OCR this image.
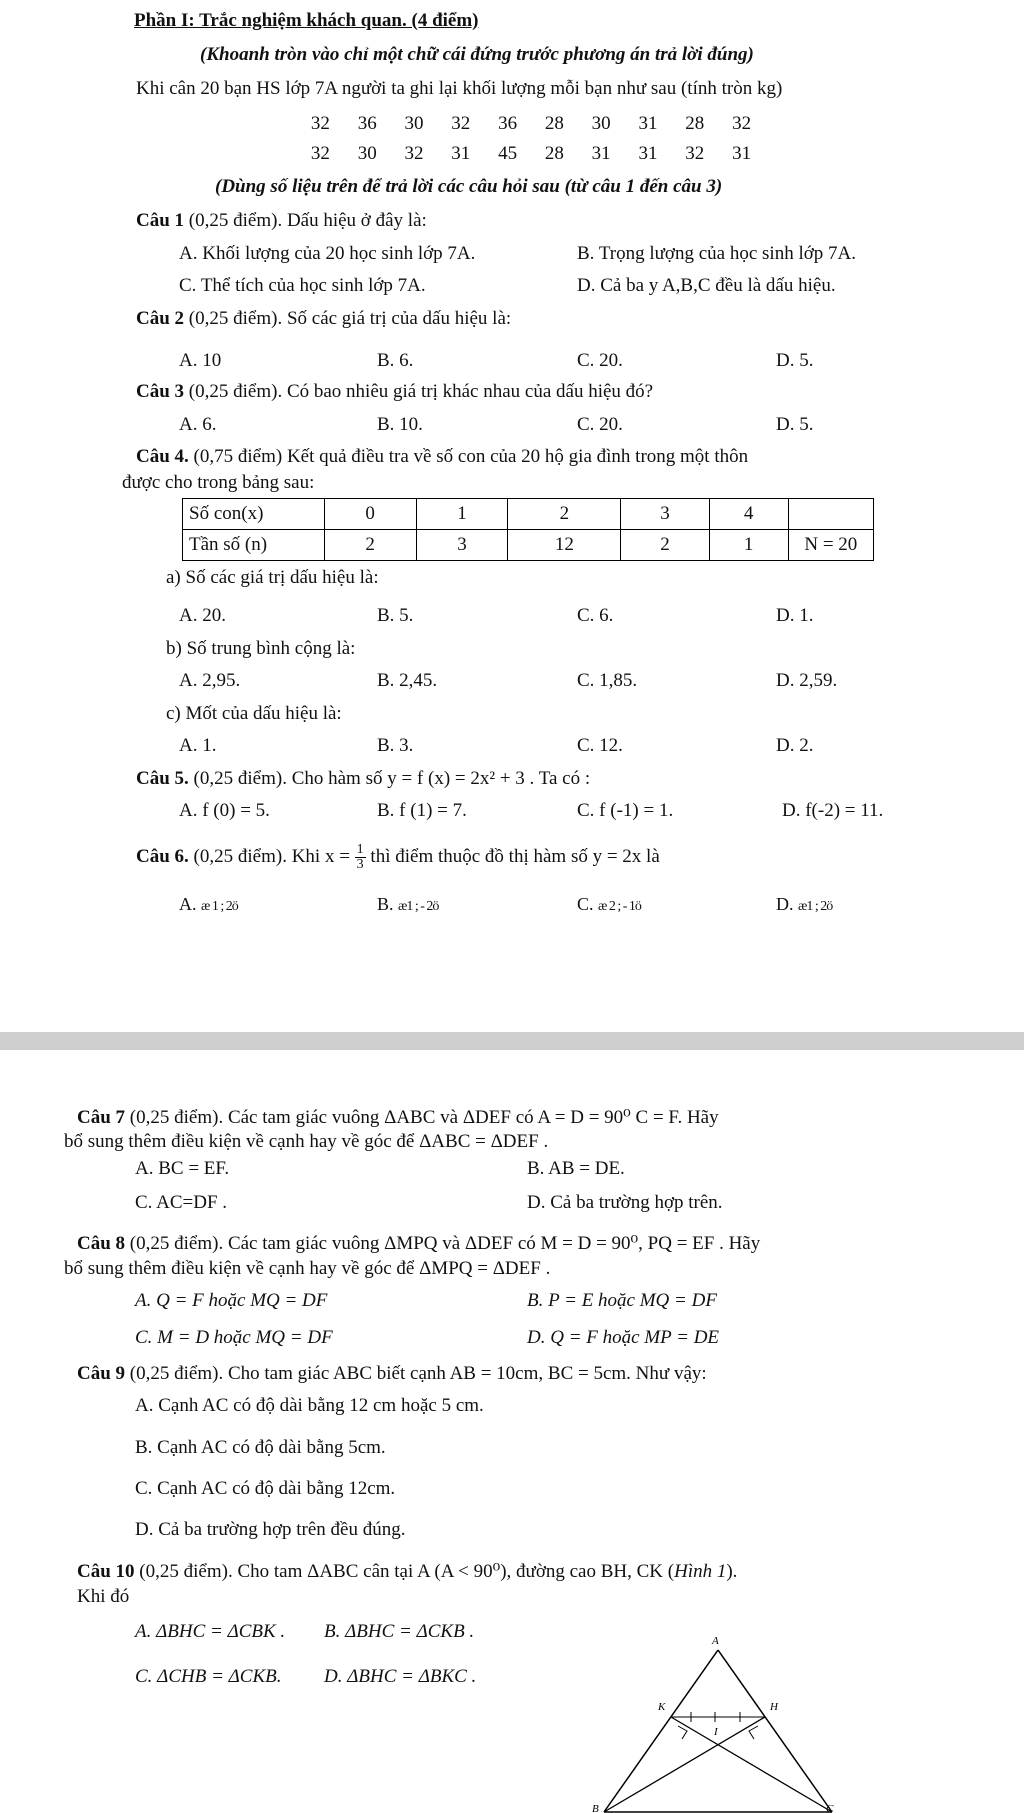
Phần I: Trắc nghiệm khách quan. (4 điểm)
(Khoanh tròn vào chỉ một chữ cái đứng trước phương án trả lời đúng)
Khi cân 20 bạn HS lớp 7A người ta ghi lại khối lượng mỗi bạn như sau (tính tròn kg)
32 36 30 32 36 28 30 31 28 32
32 30 32 31 45 28 31 31 32 31
(Dùng số liệu trên để trả lời các câu hỏi sau (từ câu 1 đến câu 3)
Câu 1 (0,25 điểm). Dấu hiệu ở đây là:
A. Khối lượng của 20 học sinh lớp 7A.	B. Trọng lượng của học sinh lớp 7A.
C. Thể tích của học sinh lớp 7A.	D. Cả ba y A,B,C đều là dấu hiệu.
Câu 2 (0,25 điểm). Số các giá trị của dấu hiệu là:
A. 10	B. 6.	C. 20.	D. 5.
Câu 3 (0,25 điểm). Có bao nhiêu giá trị khác nhau của dấu hiệu đó?
A. 6.	B. 10.	C. 20.	D. 5.
Câu 4. (0,75 điểm) Kết quả điều tra về số con của 20 hộ gia đình trong một thôn
được cho trong bảng sau:
Số con(x)	0	1	2	3	4	
Tần số (n)	2	3	12	2	1	N = 20
a) Số các giá trị dấu hiệu là:
A. 20.	B. 5.	C. 6.	D. 1.
b) Số trung bình cộng là:
A. 2,95.	B. 2,45.	C. 1,85.	D. 2,59.
c) Mốt của dấu hiệu là:
A. 1.	B. 3.	C. 12.	D. 2.
Câu 5. (0,25 điểm). Cho hàm số y = f (x) = 2x² + 3 . Ta có :
A. f (0) = 5.	B. f (1) = 7.	C. f (-1) = 1.	D. f(-2) = 11.
Câu 6. (0,25 điểm). Khi $x = \frac{1}{3}$ thì điểm thuộc đồ thị hàm số y = 2x là
A. æ 1 ; 2ö	B. æ1 ; - 2ö	C. æ 2 ; - 1ö	D. æ1 ; 2ö
Câu 7 (0,25 điểm). Các tam giác vuông ΔABC và ΔDEF có A = D = 90⁰ C = F. Hãy
bổ sung thêm điều kiện về cạnh hay về góc để ΔABC = ΔDEF .
A. BC = EF.	B. AB = DE.
C. AC=DF .	D. Cả ba trường hợp trên.
Câu 8 (0,25 điểm). Các tam giác vuông ΔMPQ và ΔDEF có M = D = 90⁰, PQ = EF . Hãy
bổ sung thêm điều kiện về cạnh hay về góc để ΔMPQ = ΔDEF .
A. Q = F hoặc MQ = DF	B. P = E hoặc MQ = DF
C. M = D hoặc MQ = DF	D. Q = F hoặc MP = DE
Câu 9 (0,25 điểm). Cho tam giác ABC biết cạnh AB = 10cm, BC = 5cm. Như vậy:
A. Cạnh AC có độ dài bằng 12 cm hoặc 5 cm.
B. Cạnh AC có độ dài bằng 5cm.
C. Cạnh AC có độ dài bằng 12cm.
D. Cả ba trường hợp trên đều đúng.
Câu 10 (0,25 điểm). Cho tam ΔABC cân tại A (A < 90⁰), đường cao BH, CK (Hình 1).
Khi đó
A. ΔBHC = ΔCBK . B. ΔBHC = ΔCKB .
C. ΔCHB = ΔCKB. D. ΔBHC = ΔBKC .
A
K	H
I
B	C
